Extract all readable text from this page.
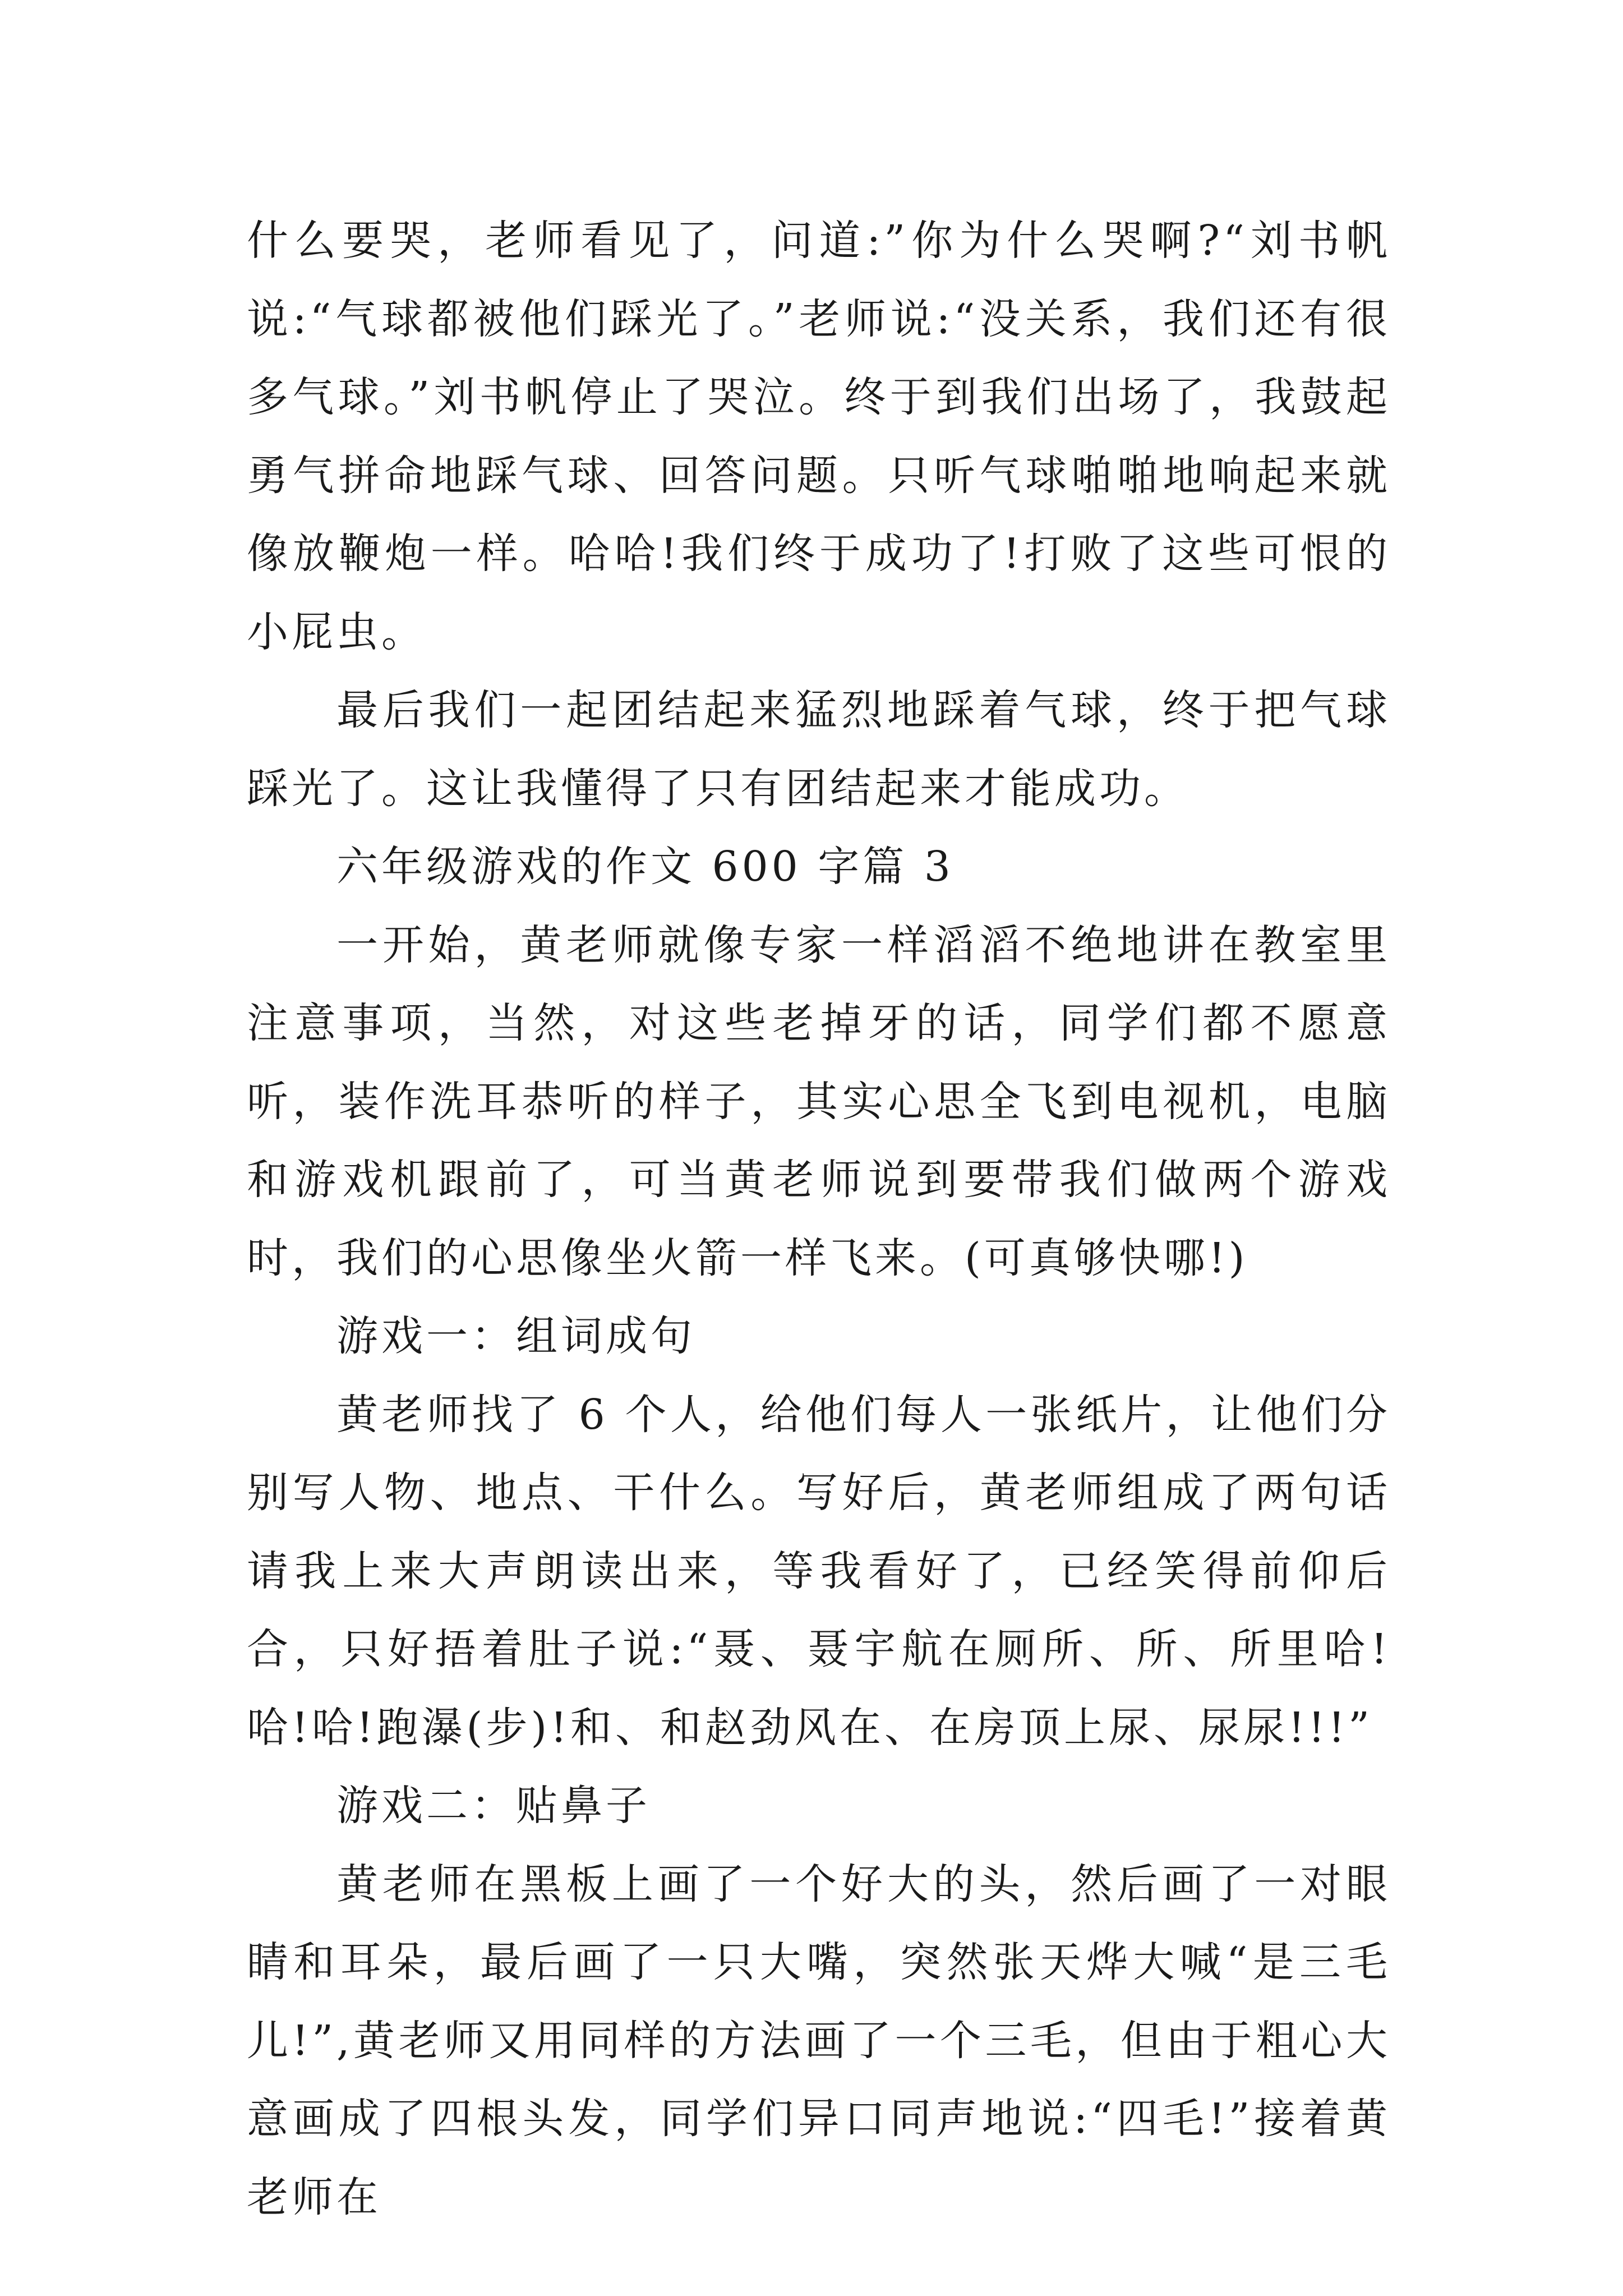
什么要哭，老师看见了，问道:”你为什么哭啊?“刘书帆说:“气球都被他们踩光了。”老师说:“没关系，我们还有很多气球。”刘书帆停止了哭泣。终于到我们出场了，我鼓起勇气拼命地踩气球、回答问题。只听气球啪啪地响起来就像放鞭炮一样。哈哈!我们终于成功了!打败了这些可恨的小屁虫。

最后我们一起团结起来猛烈地踩着气球，终于把气球踩光了。这让我懂得了只有团结起来才能成功。

六年级游戏的作文 600 字篇 3

一开始，黄老师就像专家一样滔滔不绝地讲在教室里注意事项，当然，对这些老掉牙的话，同学们都不愿意听，装作洗耳恭听的样子，其实心思全飞到电视机，电脑和游戏机跟前了，可当黄老师说到要带我们做两个游戏时，我们的心思像坐火箭一样飞来。(可真够快哪!)

游戏一：组词成句

黄老师找了 6 个人，给他们每人一张纸片，让他们分别写人物、地点、干什么。写好后，黄老师组成了两句话请我上来大声朗读出来，等我看好了，已经笑得前仰后合，只好捂着肚子说:“聂、聂宇航在厕所、所、所里哈!哈!哈!跑瀑(步)!和、和赵劲风在、在房顶上尿、尿尿!!!”

游戏二：贴鼻子

黄老师在黑板上画了一个好大的头，然后画了一对眼睛和耳朵，最后画了一只大嘴，突然张天烨大喊“是三毛儿!”,黄老师又用同样的方法画了一个三毛，但由于粗心大意画成了四根头发，同学们异口同声地说:“四毛!”接着黄老师在
